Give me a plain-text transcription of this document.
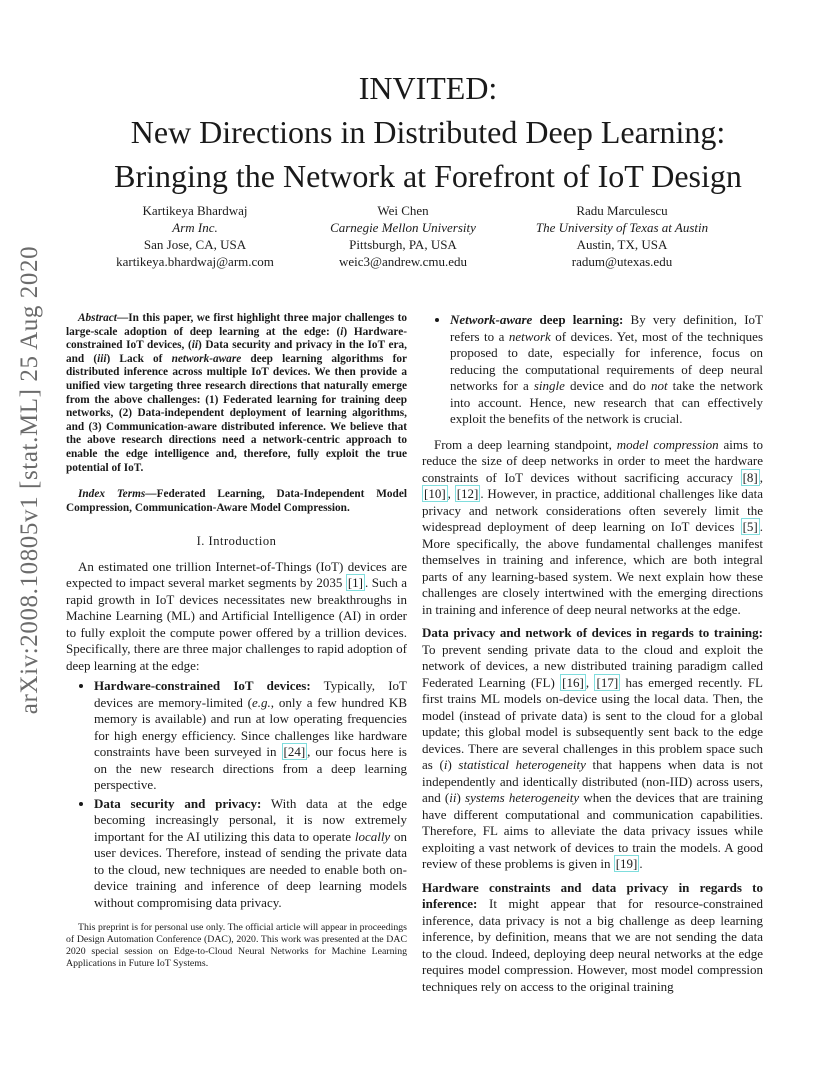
arXiv:2008.10805v1 [stat.ML] 25 Aug 2020
INVITED:
New Directions in Distributed Deep Learning:
Bringing the Network at Forefront of IoT Design
Kartikeya Bhardwaj
Arm Inc.
San Jose, CA, USA
kartikeya.bhardwaj@arm.com
Wei Chen
Carnegie Mellon University
Pittsburgh, PA, USA
weic3@andrew.cmu.edu
Radu Marculescu
The University of Texas at Austin
Austin, TX, USA
radum@utexas.edu

Abstract—In this paper, we first highlight three major challenges to large-scale adoption of deep learning at the edge: (i) Hardware-constrained IoT devices, (ii) Data security and privacy in the IoT era, and (iii) Lack of network-aware deep learning algorithms for distributed inference across multiple IoT devices. We then provide a unified view targeting three research directions that naturally emerge from the above challenges: (1) Federated learning for training deep networks, (2) Data-independent deployment of learning algorithms, and (3) Communication-aware distributed inference. We believe that the above research directions need a network-centric approach to enable the edge intelligence and, therefore, fully exploit the true potential of IoT.

Index Terms—Federated Learning, Data-Independent Model Compression, Communication-Aware Model Compression.

I. Introduction

An estimated one trillion Internet-of-Things (IoT) devices are expected to impact several market segments by 2035 [1] . Such a rapid growth in IoT devices necessitates new breakthroughs in Machine Learning (ML) and Artificial Intelligence (AI) in order to fully exploit the compute power offered by a trillion devices. Specifically, there are three major challenges to rapid adoption of deep learning at the edge:

• Hardware-constrained IoT devices: Typically, IoT devices are memory-limited (e.g., only a few hundred KB memory is available) and run at low operating frequencies for high energy efficiency. Since challenges like hardware constraints have been surveyed in [24] , our focus here is on the new research directions from a deep learning perspective.
• Data security and privacy: With data at the edge becoming increasingly personal, it is now extremely important for the AI utilizing this data to operate locally on user devices. Therefore, instead of sending the private data to the cloud, new techniques are needed to enable both on-device training and inference of deep learning models without compromising data privacy.
This preprint is for personal use only. The official article will appear in proceedings of Design Automation Conference (DAC), 2020. This work was presented at the DAC 2020 special session on Edge-to-Cloud Neural Networks for Machine Learning Applications in Future IoT Systems.
• Network-aware deep learning: By very definition, IoT refers to a network of devices. Yet, most of the techniques proposed to date, especially for inference, focus on reducing the computational requirements of deep neural networks for a single device and do not take the network into account. Hence, new research that can effectively exploit the benefits of the network is crucial.

From a deep learning standpoint, model compression aims to reduce the size of deep networks in order to meet the hardware constraints of IoT devices without sacrificing accuracy [8] , [10] , [12] . However, in practice, additional challenges like data privacy and network considerations often severely limit the widespread deployment of deep learning on IoT devices [5] . More specifically, the above fundamental challenges manifest themselves in training and inference, which are both integral parts of any learning-based system. We next explain how these challenges are closely intertwined with the emerging directions in training and inference of deep neural networks at the edge.

Data privacy and network of devices in regards to training: To prevent sending private data to the cloud and exploit the network of devices, a new distributed training paradigm called Federated Learning (FL) [16] , [17] has emerged recently. FL first trains ML models on-device using the local data. Then, the model (instead of private data) is sent to the cloud for a global update; this global model is subsequently sent back to the edge devices. There are several challenges in this problem space such as (i) statistical heterogeneity that happens when data is not independently and identically distributed (non-IID) across users, and (ii) systems heterogeneity when the devices that are training have different computational and communication capabilities. Therefore, FL aims to alleviate the data privacy issues while exploiting a vast network of devices to train the models. A good review of these problems is given in [19] .

Hardware constraints and data privacy in regards to inference: It might appear that for resource-constrained inference, data privacy is not a big challenge as deep learning inference, by definition, means that we are not sending the data to the cloud. Indeed, deploying deep neural networks at the edge requires model compression. However, most model compression techniques rely on access to the original training
